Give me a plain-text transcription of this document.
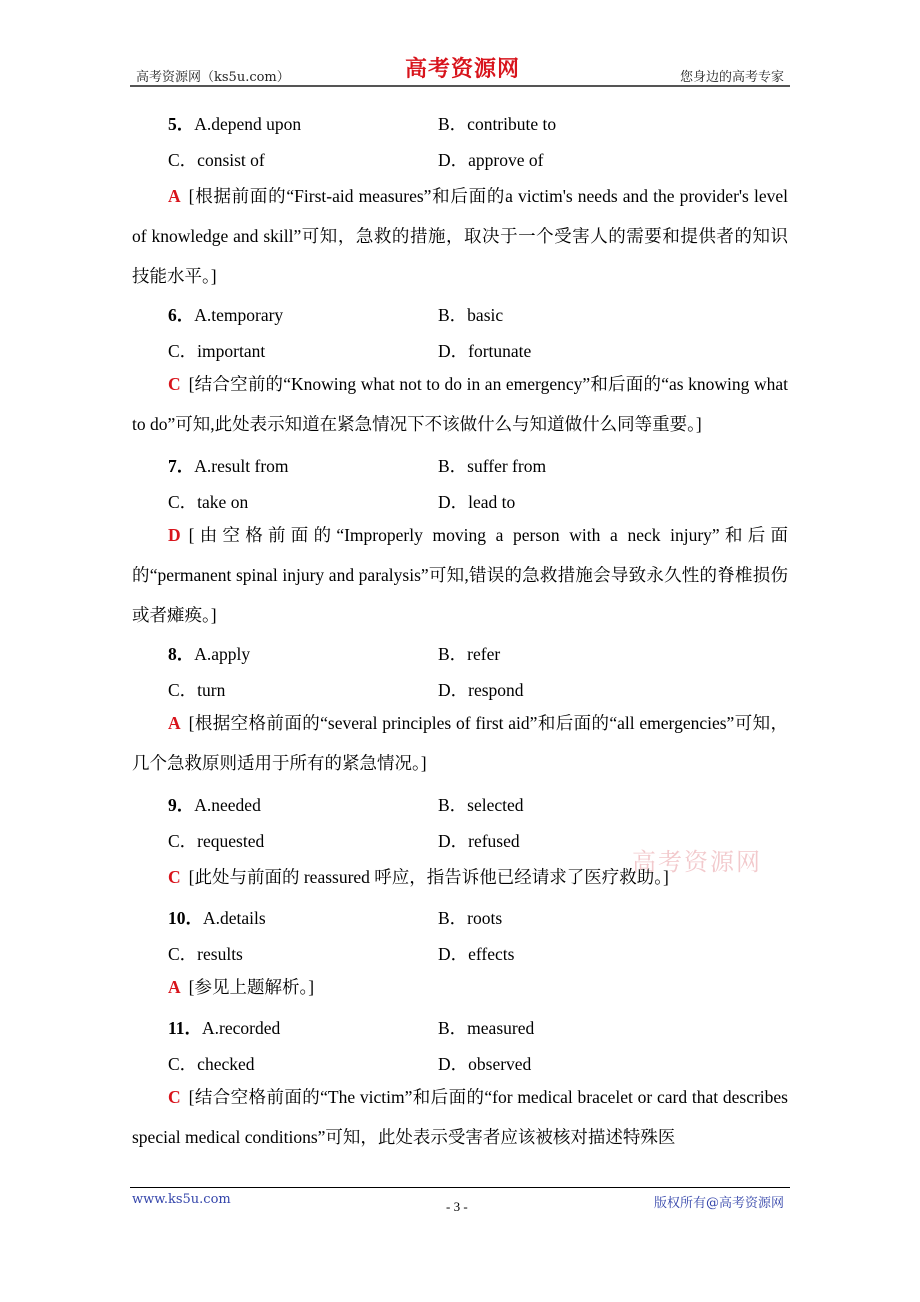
高考资源网（ks5u.com）	高考资源网	您身边的高考专家
5．A.depend upon	B．contribute to
C．consist of	D．approve of
A [根据前面的“First-aid measures”和后面的a victim's needs and the provider's level of knowledge and skill”可知，急救的措施，取决于一个受害人的需要和提供者的知识技能水平。]
6．A.temporary	B．basic
C．important	D．fortunate
C [结合空前的“Knowing what not to do in an emergency”和后面的“as knowing what to do”可知,此处表示知道在紧急情况下不该做什么与知道做什么同等重要。]
7．A.result from	B．suffer from
C．take on	D．lead to
D [由空格前面的“Improperly moving a person with a neck injury”和后面的“permanent spinal injury and paralysis”可知,错误的急救措施会导致永久性的脊椎损伤或者瘫痪。]
8．A.apply	B．refer
C．turn	D．respond
A [根据空格前面的“several principles of first aid”和后面的“all emergencies”可知，几个急救原则适用于所有的紧急情况。]
9．A.needed	B．selected
C．requested	D．refused
C [此处与前面的 reassured 呼应，指告诉他已经请求了医疗救助。]
10．A.details	B．roots
C．results	D．effects
A [参见上题解析。]
11．A.recorded	B．measured
C．checked	D．observed
C [结合空格前面的“The victim”和后面的“for medical bracelet or card that describes special medical conditions”可知，此处表示受害者应该被核对描述特殊医
高考资源网
www.ks5u.com	- 3 -	版权所有@高考资源网
